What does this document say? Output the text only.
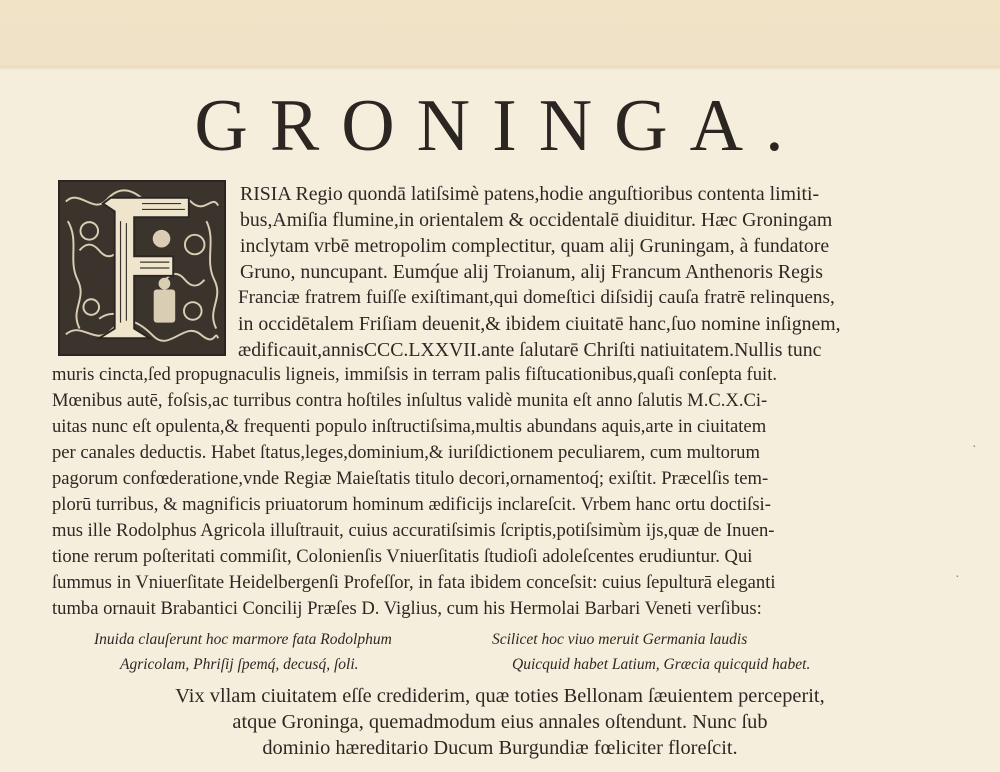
GRONINGA.
RISIA Regio quondā latiſsimè patens,hodie anguſtioribus contenta limiti-
bus,Amiſia flumine,in orientalem & occidentalē diuiditur. Hæc Groningam
inclytam vrbē metropolim complectitur, quam alij Gruningam, à fundatore
Gruno, nuncupant. Eumq́ue alij Troianum, alij Francum Anthenoris Regis
Franciæ fratrem fuiſſe exiſtimant,qui domeſtici diſsidij cauſa fratrē relinquens,
in occidētalem Friſiam deuenit,& ibidem ciuitatē hanc,ſuo nomine inſignem,
ædificauit,annisCCC.LXXVII.ante ſalutarē Chriſti natiuitatem.Nullis tunc
muris cincta,ſed propugnaculis ligneis, immiſsis in terram palis fiſtucationibus,quaſi conſepta fuit.
Mœnibus autē, foſsis,ac turribus contra hoſtiles inſultus validè munita eſt anno ſalutis M.C.X.Ci-
uitas nunc eſt opulenta,& frequenti populo inſtructiſsima,multis abundans aquis,arte in ciuitatem
per canales deductis. Habet ſtatus,leges,dominium,& iuriſdictionem peculiarem, cum multorum
pagorum confœderatione,vnde Regiæ Maieſtatis titulo decori,ornamentoq́; exiſtit. Præcelſis tem-
plorū turribus, & magnificis priuatorum hominum ædificijs inclareſcit. Vrbem hanc ortu doctiſsi-
mus ille Rodolphus Agricola illuſtrauit, cuius accuratiſsimis ſcriptis,potiſsimùm ijs,quæ de Inuen-
tione rerum poſteritati commiſit, Colonienſis Vniuerſitatis ſtudioſi adoleſcentes erudiuntur. Qui
ſummus in Vniuerſitate Heidelbergenſi Profeſſor, in fata ibidem conceſsit: cuius ſepulturā eleganti
tumba ornauit Brabantici Concilij Præſes D. Viglius, cum his Hermolai Barbari Veneti verſibus:
Inuida clauſerunt hoc marmore fata Rodolphum
Agricolam, Phriſij ſpemq́, decusq́, ſoli.
Scilicet hoc viuo meruit Germania laudis
Quicquid habet Latium, Græcia quicquid habet.
Vix vllam ciuitatem eſſe crediderim, quæ toties Bellonam ſæuientem perceperit,
atque Groninga, quemadmodum eius annales oſtendunt. Nunc ſub
dominio hæreditario Ducum Burgundiæ fœliciter floreſcit.
·
·
